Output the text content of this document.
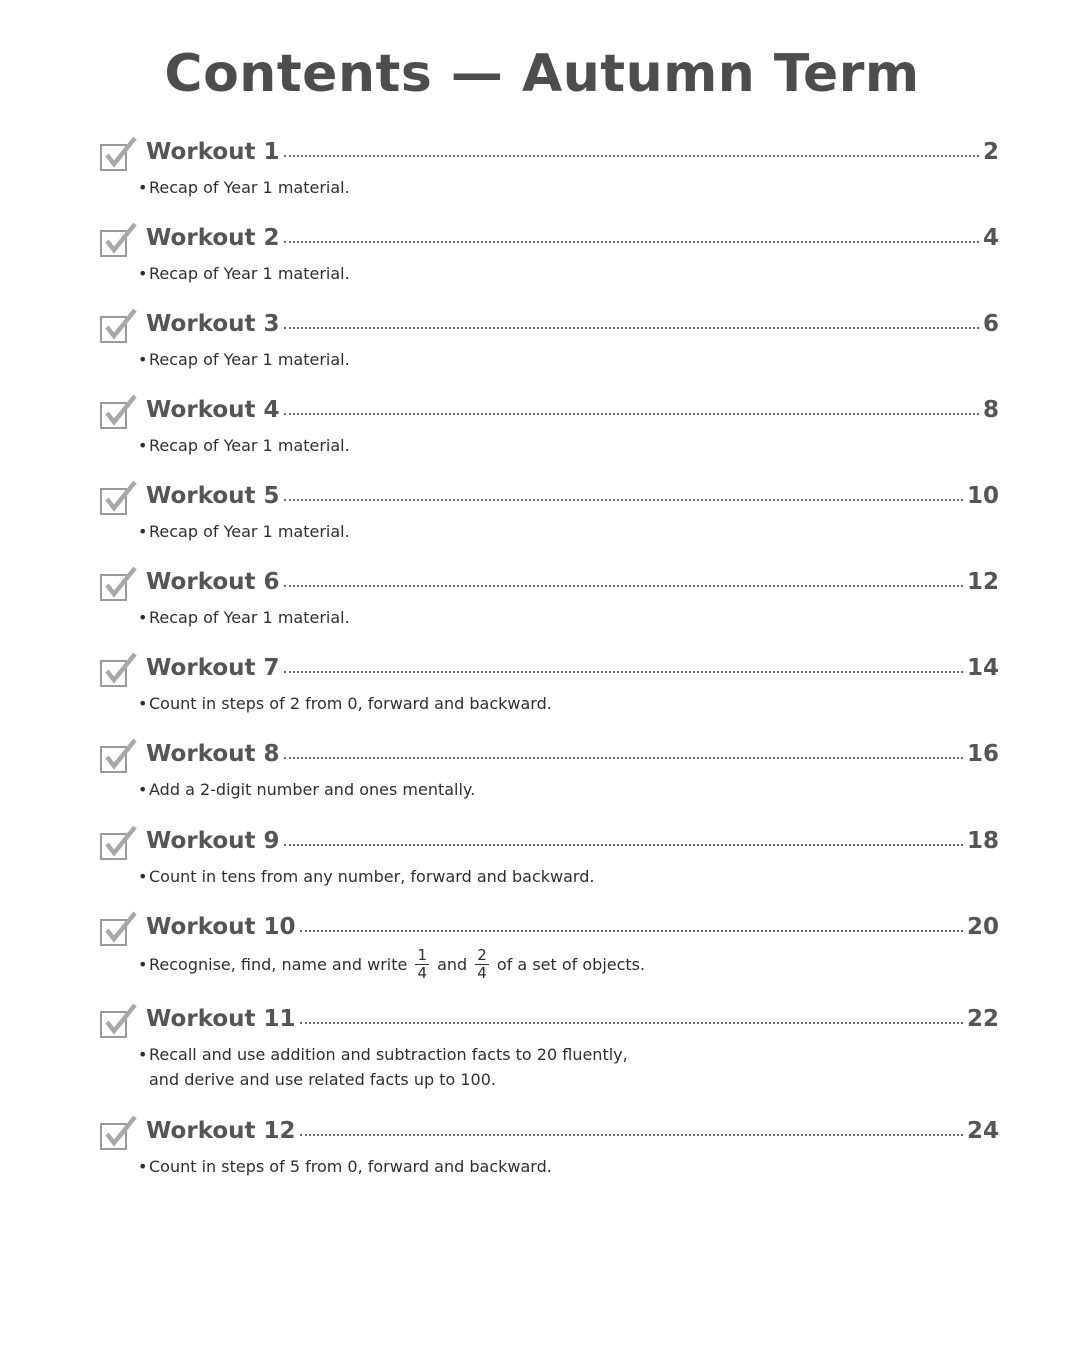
Contents — Autumn Term
Workout 1	2
•Recap of Year 1 material.
Workout 2	4
•Recap of Year 1 material.
Workout 3	6
•Recap of Year 1 material.
Workout 4	8
•Recap of Year 1 material.
Workout 5	10
•Recap of Year 1 material.
Workout 6	12
•Recap of Year 1 material.
Workout 7	14
•Count in steps of 2 from 0, forward and backward.
Workout 8	16
•Add a 2-digit number and ones mentally.
Workout 9	18
•Count in tens from any number, forward and backward.
Workout 10	20
•Recognise, find, name and write $\frac{1}{4}$ and $\frac{2}{4}$ of a set of objects.
Workout 11	22
•Recall and use addition and subtraction facts to 20 fluently,
and derive and use related facts up to 100.
Workout 12	24
•Count in steps of 5 from 0, forward and backward.
